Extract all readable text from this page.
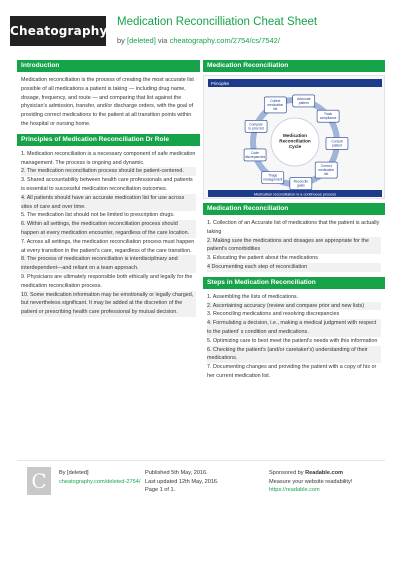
Cheatography
Medication Reconcilliation Cheat Sheet
by [deleted] via cheatography.com/2754/cs/7542/
Introduction

Medication reconciliation is the process of creating the most accurate list possible of all medications a patient is taking — including drug name, dosage, frequency, and route — and comparing that list against the physician's admission, transfer, and/or discharge orders, with the goal of providing correct medications to the patient at all transition points within the hospital or nursing home.

Principles of Medication Reconciliation Dr Role

1. Medication reconciliation is a necessary component of safe medication management. The process is ongoing and dynamic.

2. The medication reconciliation process should be patient-centered.

3. Shared accountability between health care professionals and patients is essential to successful medication reconciliation outcomes.

4. All patients should have an accurate medication list for use across sites of care and over time.

5. The medication list should not be limited to prescription drugs.

6. Within all settings, the medication reconciliation process should happen at every medication encounter, regardless of the care location.

7. Across all settings, the medication reconciliation process must happen at every transition in the patient's care, regardless of the care transition.

8. The process of medication reconciliation is interdisciplinary and interdependent—and reliant on a team approach.

9. Physicians are ultimately responsible both ethically and legally for the medication reconciliation process.

10. Some medication information may be emotionally or legally charged, but nevertheless significant. It may be added at the discretion of the patient or prescribing health care professional by mutual decision.

Medication Reconciliation
Principles
Medication
Reconciliation
Cycle
Advocate
patient
Track
compliance
Consult
patient
Correct
medication
list
Reconcile
goals
Triage
management
Code
discrepancies
Compare
to prior list
Collect
medication
list
Medication reconciliation is a continuous process
Medication Reconciliation

1. Collection of an Accurate list of medications that the patient is actually taking

2. Making sure the medications and dosages are appropriate for the patient's comorbidities

3. Educating the patient about the medications

4 Documenting each step of reconciliation

Steps in Medication Reconciliation

1. Assembling the lists of medications.

2. Ascertaining accuracy (review and compare prior and new lists)

3. Reconciling medications and resolving discrepancies

4. Formulating a decision, i.e., making a medical judgment with respect to the patient' s condition and medications.

5. Optimizing care to best meet the patient's needs with this information

6. Checking the patient's (and/or caretaker's) understanding of their medications.

7. Documenting changes and providing the patient with a copy of his or her current medication list.

C	By [deleted]
cheatography.com/deleted-2754/
Published 5th May, 2016.
Last updated 12th May, 2016.
Page 1 of 1.
Sponsored by Readable.com
Measure your website readability!
https://readable.com
